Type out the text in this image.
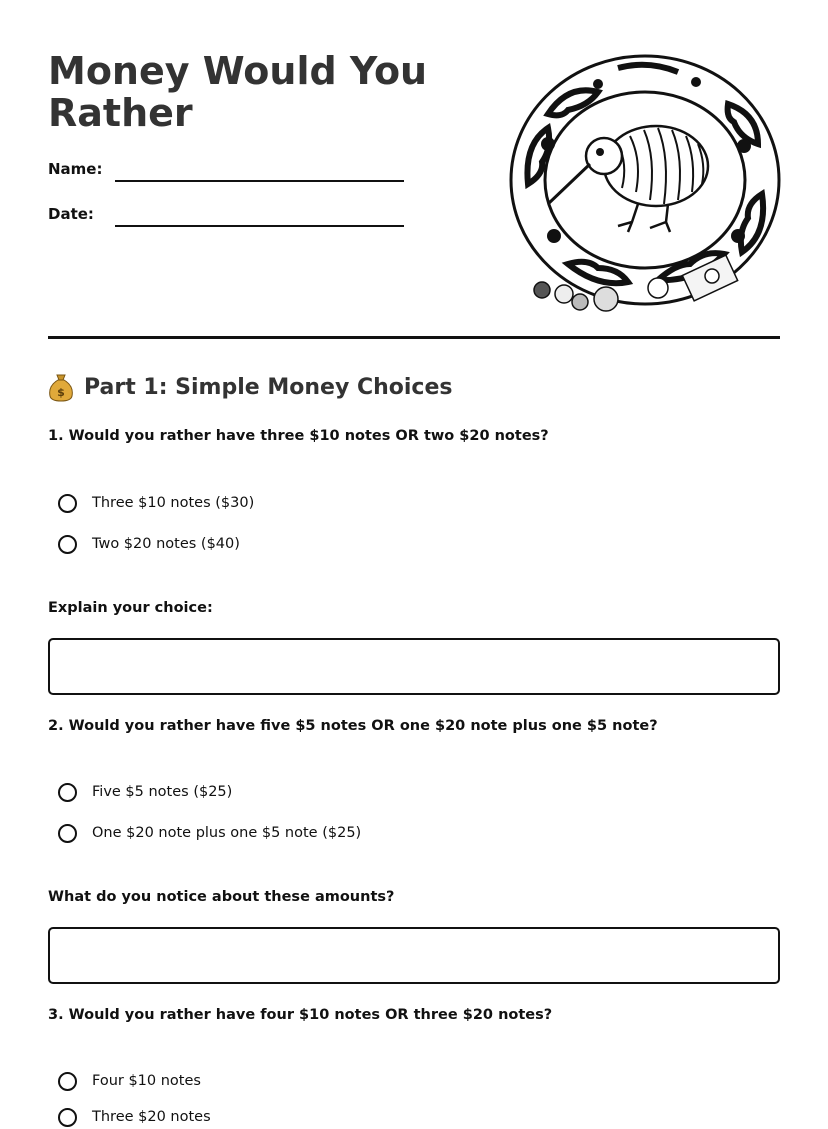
Money Would You Rather
Name:
Date:
$ Part 1: Simple Money Choices
1. Would you rather have three $10 notes OR two $20 notes?
Three $10 notes ($30)
Two $20 notes ($40)
Explain your choice:
2. Would you rather have five $5 notes OR one $20 note plus one $5 note?
Five $5 notes ($25)
One $20 note plus one $5 note ($25)
What do you notice about these amounts?
3. Would you rather have four $10 notes OR three $20 notes?
Four $10 notes
Three $20 notes
